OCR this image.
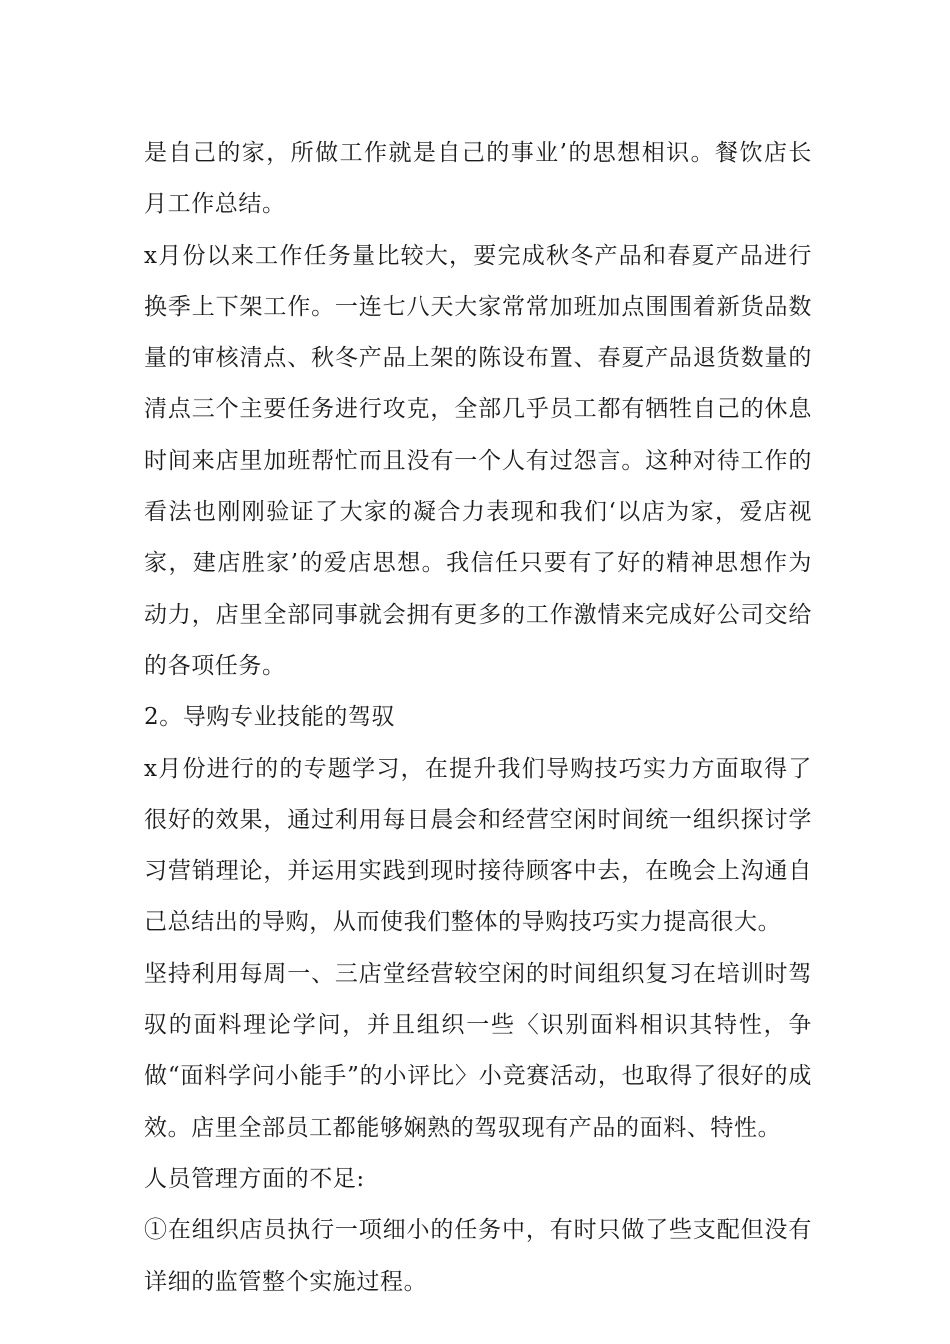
是自己的家，所做工作就是自己的事业’的思想相识。餐饮店长月工作总结。

x月份以来工作任务量比较大，要完成秋冬产品和春夏产品进行换季上下架工作。一连七八天大家常常加班加点围围着新货品数量的审核清点、秋冬产品上架的陈设布置、春夏产品退货数量的清点三个主要任务进行攻克，全部几乎员工都有牺牲自己的休息时间来店里加班帮忙而且没有一个人有过怨言。这种对待工作的看法也刚刚验证了大家的凝合力表现和我们‘以店为家，爱店视家，建店胜家’的爱店思想。我信任只要有了好的精神思想作为动力，店里全部同事就会拥有更多的工作激情来完成好公司交给的各项任务。

2。导购专业技能的驾驭

x月份进行的的专题学习，在提升我们导购技巧实力方面取得了很好的效果，通过利用每日晨会和经营空闲时间统一组织探讨学习营销理论，并运用实践到现时接待顾客中去，在晚会上沟通自己总结出的导购，从而使我们整体的导购技巧实力提高很大。

坚持利用每周一、三店堂经营较空闲的时间组织复习在培训时驾驭的面料理论学问，并且组织一些〈识别面料相识其特性，争做“面料学问小能手”的小评比〉小竞赛活动，也取得了很好的成效。店里全部员工都能够娴熟的驾驭现有产品的面料、特性。

人员管理方面的不足:

①在组织店员执行一项细小的任务中，有时只做了些支配但没有详细的监管整个实施过程。
